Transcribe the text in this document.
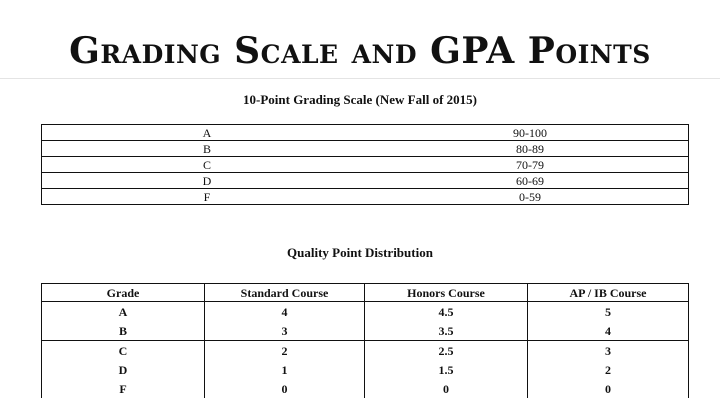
Grading Scale and GPA Points
10-Point Grading Scale (New Fall of 2015)
A	90-100
B	80-89
C	70-79
D	60-69
F	0-59
Quality Point Distribution
Grade	Standard Course	Honors Course	AP / IB Course
A	4	4.5	5
B	3	3.5	4
C	2	2.5	3
D	1	1.5	2
F	0	0	0
